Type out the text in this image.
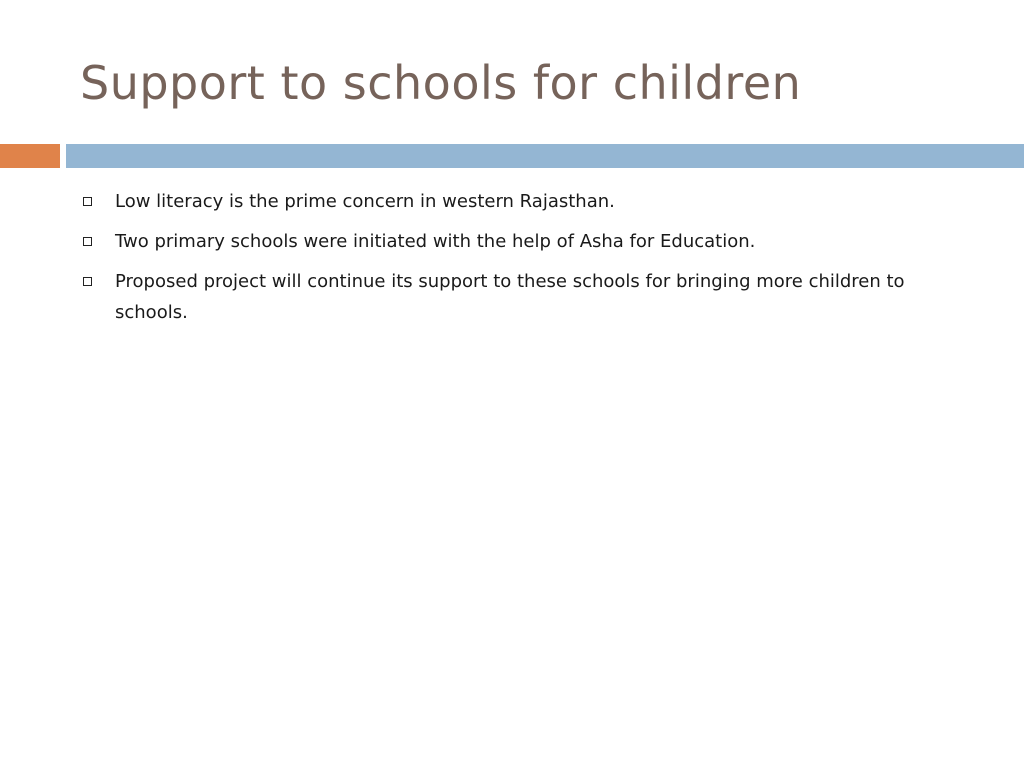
Support to schools for children
Low literacy is the prime concern in western Rajasthan.
Two primary schools were initiated with the help of Asha for Education.
Proposed project will continue its support to these schools for bringing more children to schools.
